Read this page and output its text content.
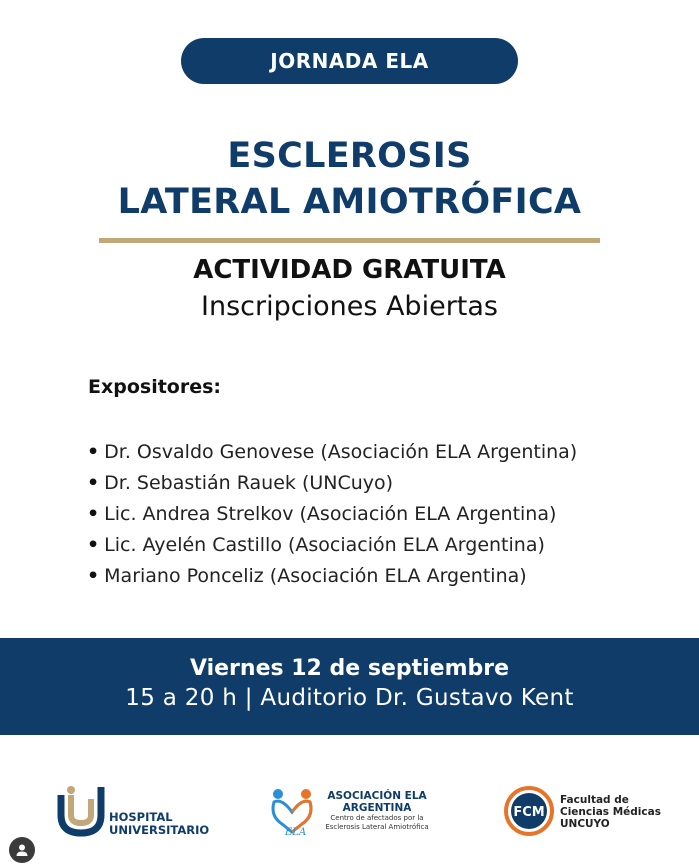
JORNADA ELA
ESCLEROSIS
LATERAL AMIOTRÓFICA
ACTIVIDAD GRATUITA
Inscripciones Abiertas
Expositores:
• Dr. Osvaldo Genovese (Asociación ELA Argentina)
• Dr. Sebastián Rauek (UNCuyo)
• Lic. Andrea Strelkov (Asociación ELA Argentina)
• Lic. Ayelén Castillo (Asociación ELA Argentina)
• Mariano Ponceliz (Asociación ELA Argentina)
Viernes 12 de septiembre
15 a 20 h | Auditorio Dr. Gustavo Kent
HOSPITAL
UNIVERSITARIO	ELA
ASOCIACIÓN ELA
ARGENTINA
Centro de afectados por la
Esclerosis Lateral Amiotrófica
FCM
Facultad de
Ciencias Médicas
UNCUYO
